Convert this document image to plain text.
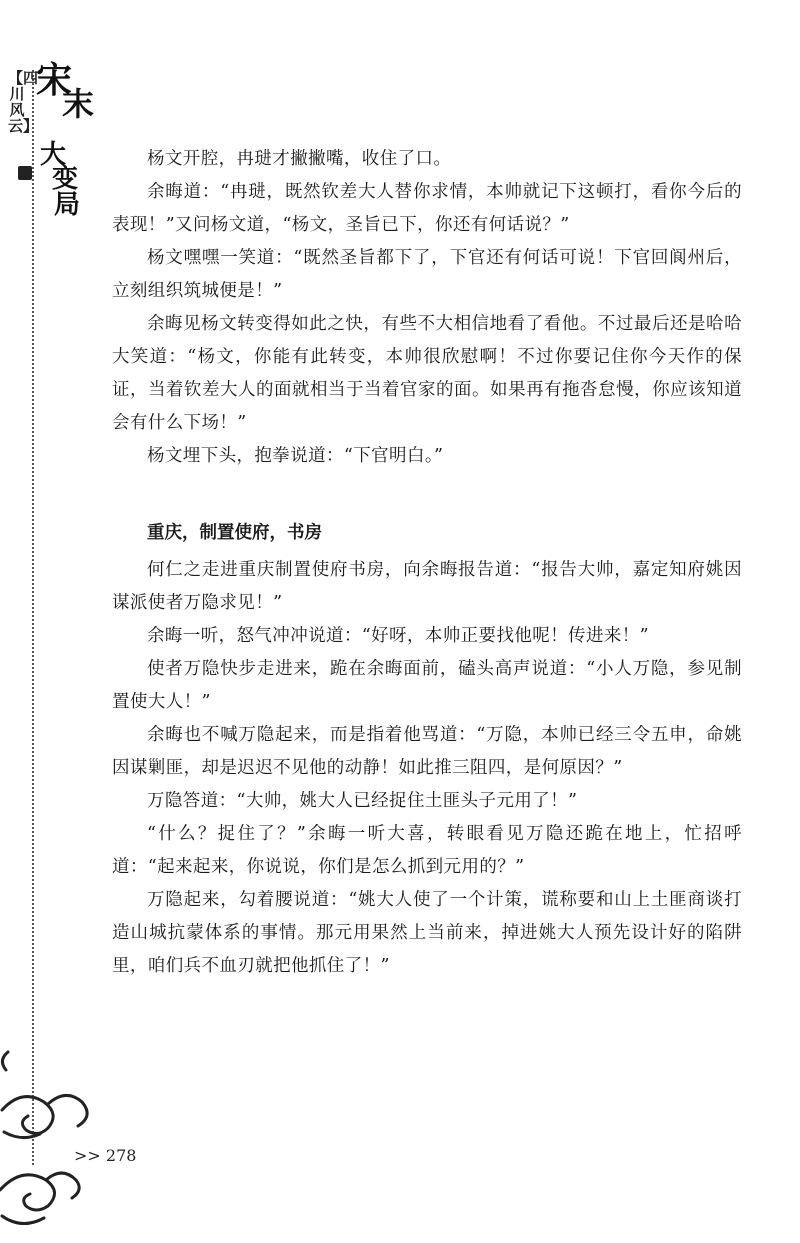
【四川风云】
宋
末
大
变
局

杨文开腔，冉琎才撇撇嘴，收住了口。

余晦道：“冉琎，既然钦差大人替你求情，本帅就记下这顿打，看你今后的表现！”又问杨文道，“杨文，圣旨已下，你还有何话说？”

杨文嘿嘿一笑道：“既然圣旨都下了，下官还有何话可说！下官回阆州后，立刻组织筑城便是！”

余晦见杨文转变得如此之快，有些不大相信地看了看他。不过最后还是哈哈大笑道：“杨文，你能有此转变，本帅很欣慰啊！不过你要记住你今天作的保证，当着钦差大人的面就相当于当着官家的面。如果再有拖沓怠慢，你应该知道会有什么下场！”

杨文埋下头，抱拳说道：“下官明白。”

重庆，制置使府，书房

何仁之走进重庆制置使府书房，向余晦报告道：“报告大帅，嘉定知府姚因谋派使者万隐求见！”

余晦一听，怒气冲冲说道：“好呀，本帅正要找他呢！传进来！”

使者万隐快步走进来，跪在余晦面前，磕头高声说道：“小人万隐，参见制置使大人！”

余晦也不喊万隐起来，而是指着他骂道：“万隐，本帅已经三令五申，命姚因谋剿匪，却是迟迟不见他的动静！如此推三阻四，是何原因？”

万隐答道：“大帅，姚大人已经捉住土匪头子元用了！”

“什么？捉住了？”余晦一听大喜，转眼看见万隐还跪在地上，忙招呼道：“起来起来，你说说，你们是怎么抓到元用的？”

万隐起来，勾着腰说道：“姚大人使了一个计策，谎称要和山上土匪商谈打造山城抗蒙体系的事情。那元用果然上当前来，掉进姚大人预先设计好的陷阱里，咱们兵不血刃就把他抓住了！”

>> 278
